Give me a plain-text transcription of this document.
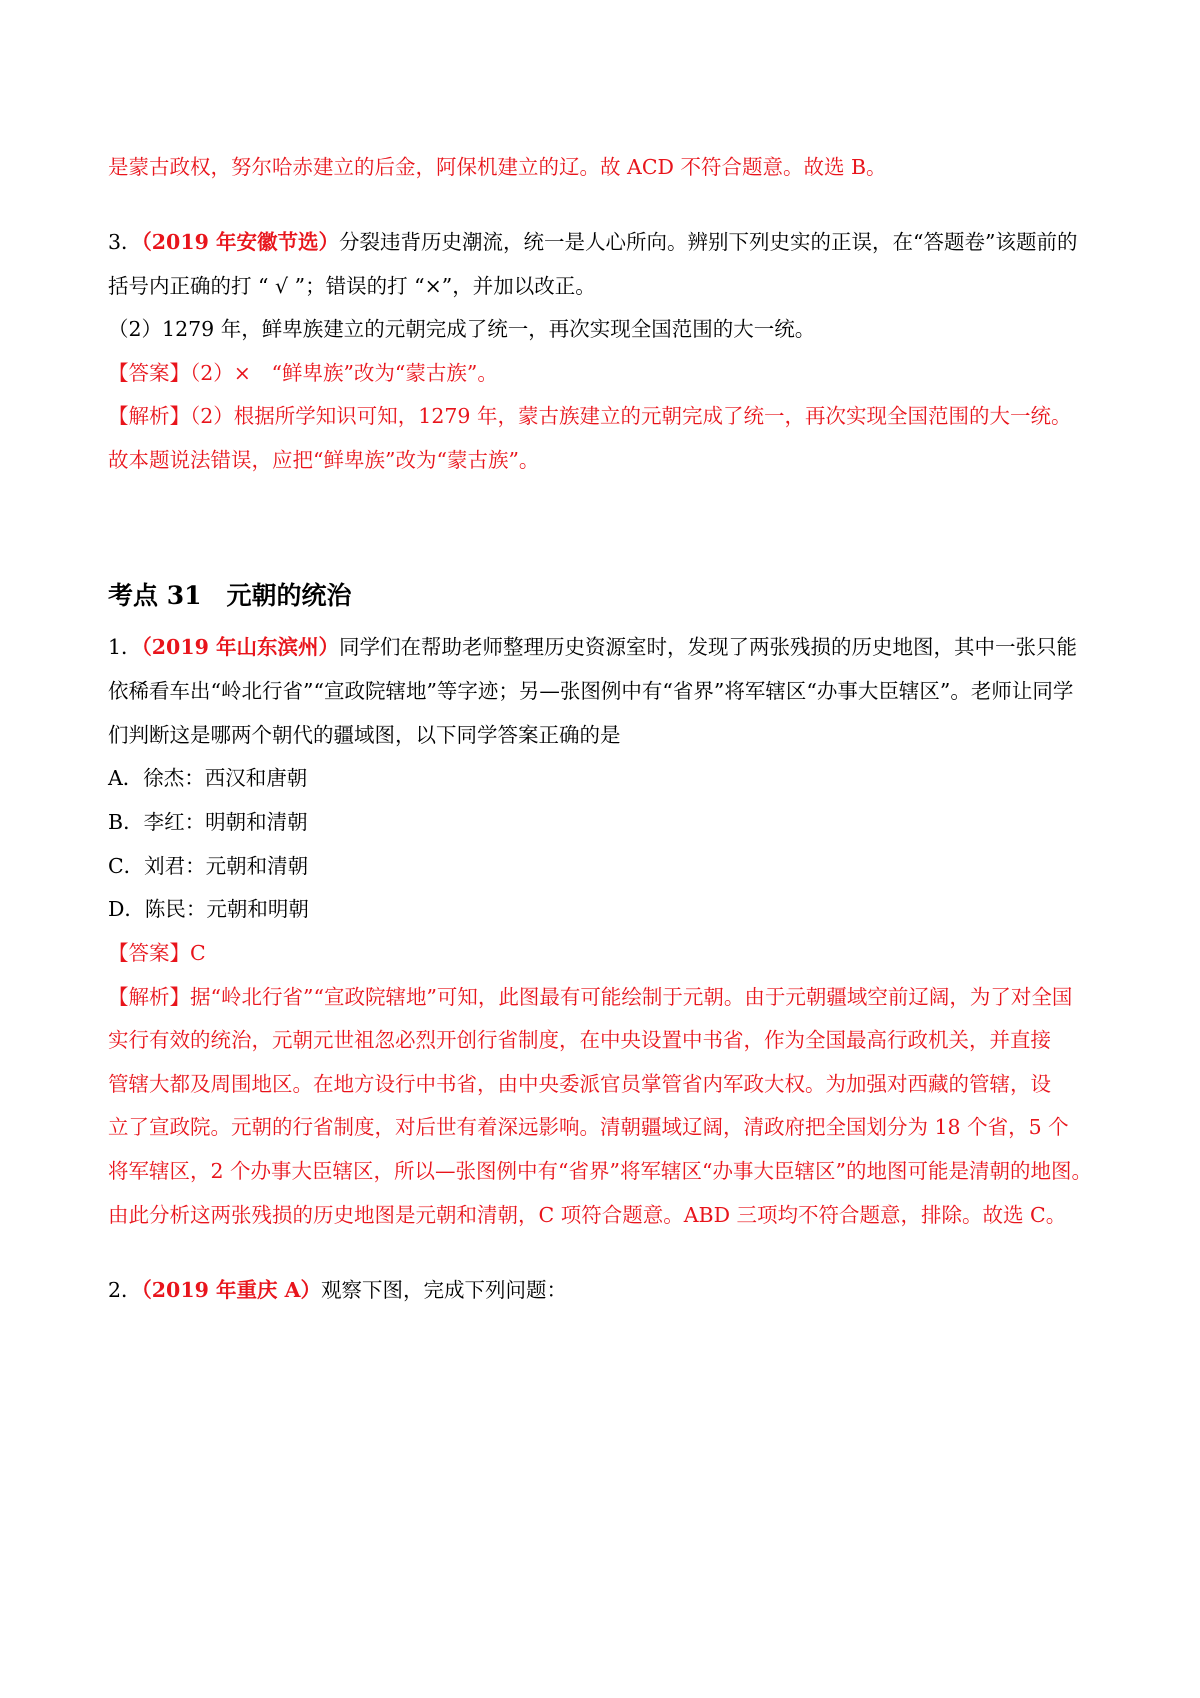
是蒙古政权，努尔哈赤建立的后金，阿保机建立的辽。故 ACD 不符合题意。故选 B。
3．（2019 年安徽节选）分裂违背历史潮流，统一是人心所向。辨别下列史实的正误，在“答题卷”该题前的
括号内正确的打 “ √ ”；错误的打 “×”，并加以改正。
（2）1279 年，鲜卑族建立的元朝完成了统一，再次实现全国范围的大一统。
【答案】（2）×　“鲜卑族”改为“蒙古族”。
【解析】（2）根据所学知识可知，1279 年，蒙古族建立的元朝完成了统一，再次实现全国范围的大一统。
故本题说法错误，应把“鲜卑族”改为“蒙古族”。
考点 31　元朝的统治
1．（2019 年山东滨州）同学们在帮助老师整理历史资源室时，发现了两张残损的历史地图，其中一张只能
依稀看车出“岭北行省”“宣政院辖地”等字迹；另—张图例中有“省界”将军辖区“办事大臣辖区”。老师让同学
们判断这是哪两个朝代的疆域图，以下同学答案正确的是
A．徐杰：西汉和唐朝
B．李红：明朝和清朝
C．刘君：元朝和清朝
D．陈民：元朝和明朝
【答案】C
【解析】据“岭北行省”“宣政院辖地”可知，此图最有可能绘制于元朝。由于元朝疆域空前辽阔，为了对全国
实行有效的统治，元朝元世祖忽必烈开创行省制度，在中央设置中书省，作为全国最高行政机关，并直接
管辖大都及周围地区。在地方设行中书省，由中央委派官员掌管省内军政大权。为加强对西藏的管辖，设
立了宣政院。元朝的行省制度，对后世有着深远影响。清朝疆域辽阔，清政府把全国划分为 18 个省，5 个
将军辖区，2 个办事大臣辖区，所以—张图例中有“省界”将军辖区“办事大臣辖区”的地图可能是清朝的地图。
由此分析这两张残损的历史地图是元朝和清朝，C 项符合题意。ABD 三项均不符合题意，排除。故选 C。
2．（2019 年重庆 A）观察下图，完成下列问题：
